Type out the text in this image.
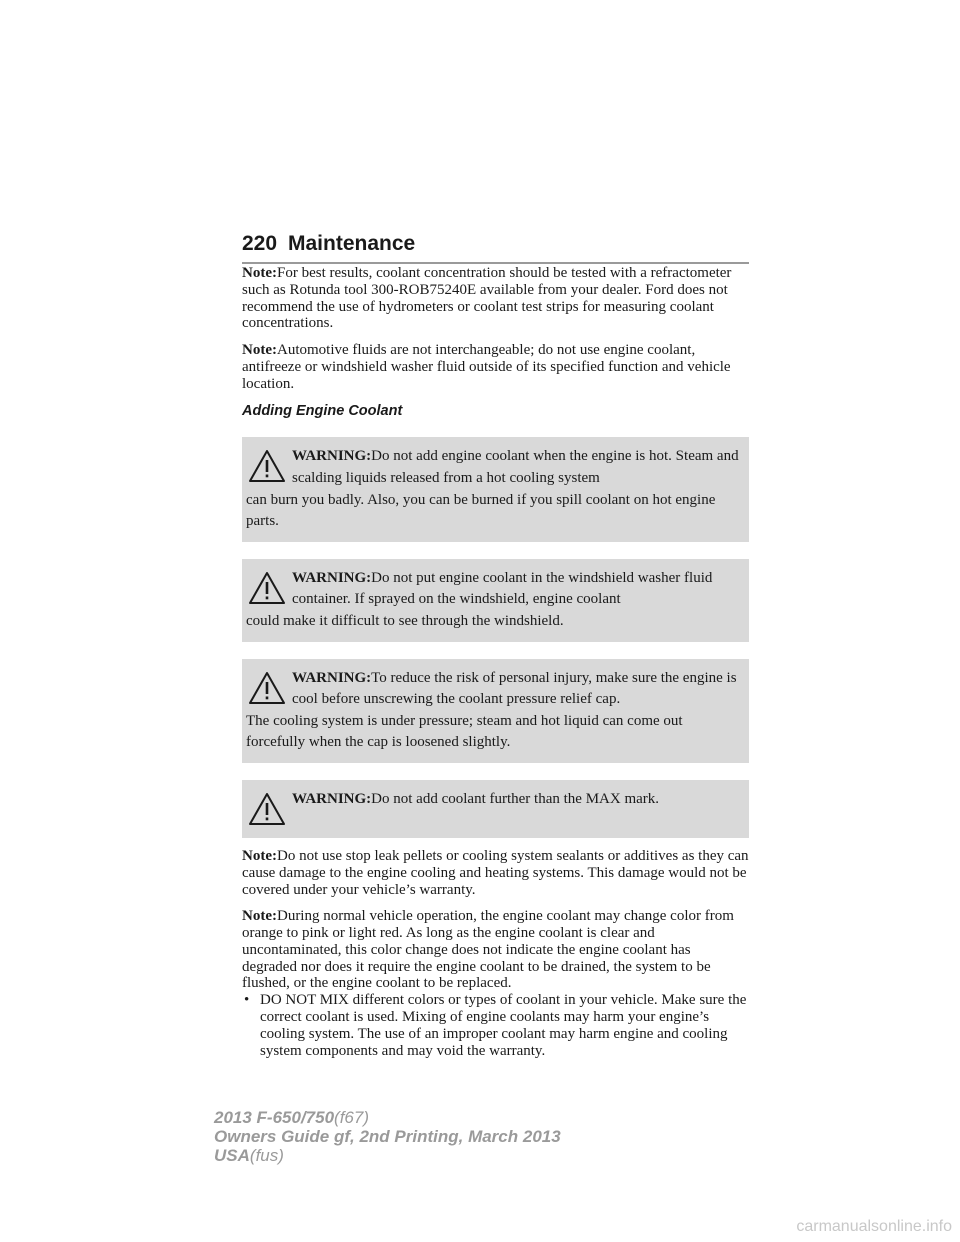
220 Maintenance

Note:For best results, coolant concentration should be tested with a refractometer such as Rotunda tool 300-ROB75240E available from your dealer. Ford does not recommend the use of hydrometers or coolant test strips for measuring coolant concentrations.

Note:Automotive fluids are not interchangeable; do not use engine coolant, antifreeze or windshield washer fluid outside of its specified function and vehicle location.

Adding Engine Coolant
WARNING:Do not add engine coolant when the engine is hot. Steam and scalding liquids released from a hot cooling system
can burn you badly. Also, you can be burned if you spill coolant on hot engine parts.
WARNING:Do not put engine coolant in the windshield washer fluid container. If sprayed on the windshield, engine coolant
could make it difficult to see through the windshield.
WARNING:To reduce the risk of personal injury, make sure the engine is cool before unscrewing the coolant pressure relief cap.
The cooling system is under pressure; steam and hot liquid can come out forcefully when the cap is loosened slightly.
WARNING:Do not add coolant further than the MAX mark.

Note:Do not use stop leak pellets or cooling system sealants or additives as they can cause damage to the engine cooling and heating systems. This damage would not be covered under your vehicle’s warranty.

Note:During normal vehicle operation, the engine coolant may change color from orange to pink or light red. As long as the engine coolant is clear and uncontaminated, this color change does not indicate the engine coolant has degraded nor does it require the engine coolant to be drained, the system to be flushed, or the engine coolant to be replaced.

• DO NOT MIX different colors or types of coolant in your vehicle. Make sure the correct coolant is used. Mixing of engine coolants may harm your engine’s cooling system. The use of an improper coolant may harm engine and cooling system components and may void the warranty.
2013 F-650/750(f67)
Owners Guide gf, 2nd Printing, March 2013
USA(fus)
carmanualsonline.info
